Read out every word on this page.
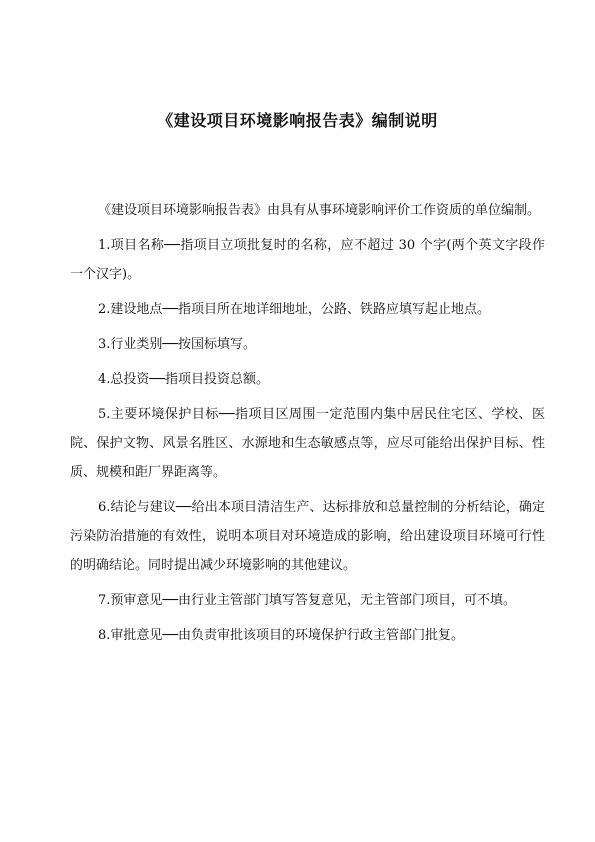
《建设项目环境影响报告表》编制说明

《建设项目环境影响报告表》由具有从事环境影响评价工作资质的单位编制。

1.项目名称──指项目立项批复时的名称，应不超过 30 个字(两个英文字段作一个汉字)。

2.建设地点──指项目所在地详细地址，公路、铁路应填写起止地点。

3.行业类别──按国标填写。

4.总投资──指项目投资总额。

5.主要环境保护目标──指项目区周围一定范围内集中居民住宅区、学校、医院、保护文物、风景名胜区、水源地和生态敏感点等，应尽可能给出保护目标、性质、规模和距厂界距离等。

6.结论与建议──给出本项目清洁生产、达标排放和总量控制的分析结论，确定污染防治措施的有效性，说明本项目对环境造成的影响，给出建设项目环境可行性的明确结论。同时提出减少环境影响的其他建议。

7.预审意见──由行业主管部门填写答复意见，无主管部门项目，可不填。

8.审批意见──由负责审批该项目的环境保护行政主管部门批复。
